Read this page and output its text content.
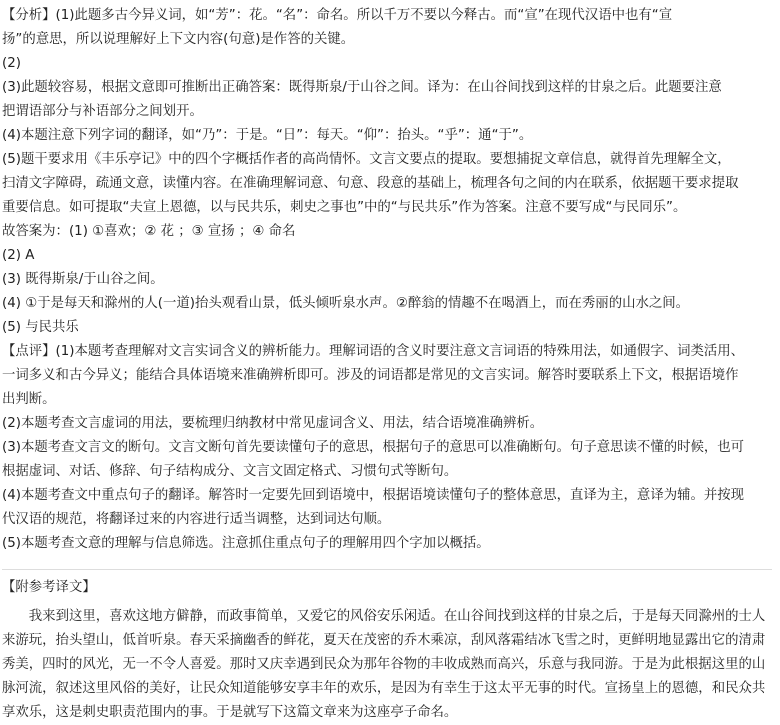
【分析】(1)此题多古今异义词，如“芳”：花。“名”：命名。所以千万不要以今释古。而“宣”在现代汉语中也有“宣

扬”的意思，所以说理解好上下文内容(句意)是作答的关键。

(2)

(3)此题较容易，根据文意即可推断出正确答案：既得斯泉/于山谷之间。译为：在山谷间找到这样的甘泉之后。此题要注意

把谓语部分与补语部分之间划开。

(4)本题注意下列字词的翻译，如“乃”：于是。“日”：每天。“仰”：抬头。“乎”：通“于”。

(5)题干要求用《丰乐亭记》中的四个字概括作者的高尚情怀。文言文要点的提取。要想捕捉文章信息，就得首先理解全文，

扫清文字障碍，疏通文意，读懂内容。在准确理解词意、句意、段意的基础上，梳理各句之间的内在联系，依据题干要求提取

重要信息。如可提取“夫宣上恩德，以与民共乐，刺史之事也”中的“与民共乐”作为答案。注意不要写成“与民同乐”。

故答案为：(1) ①喜欢；② 花 ；③ 宣扬 ；④ 命名

(2) A

(3) 既得斯泉/于山谷之间。

(4) ①于是每天和滁州的人(一道)抬头观看山景，低头倾听泉水声。②醉翁的情趣不在喝酒上，而在秀丽的山水之间。

(5) 与民共乐

【点评】(1)本题考查理解对文言实词含义的辨析能力。理解词语的含义时要注意文言词语的特殊用法，如通假字、词类活用、

一词多义和古今异义；能结合具体语境来准确辨析即可。涉及的词语都是常见的文言实词。解答时要联系上下文，根据语境作

出判断。

(2)本题考查文言虚词的用法，要梳理归纳教材中常见虚词含义、用法，结合语境准确辨析。

(3)本题考查文言文的断句。文言文断句首先要读懂句子的意思，根据句子的意思可以准确断句。句子意思读不懂的时候，也可

根据虚词、对话、修辞、句子结构成分、文言文固定格式、习惯句式等断句。

(4)本题考查文中重点句子的翻译。解答时一定要先回到语境中，根据语境读懂句子的整体意思，直译为主，意译为辅。并按现

代汉语的规范，将翻译过来的内容进行适当调整，达到词达句顺。

(5)本题考查文意的理解与信息筛选。注意抓住重点句子的理解用四个字加以概括。

【附参考译文】

我来到这里，喜欢这地方僻静，而政事简单，又爱它的风俗安乐闲适。在山谷间找到这样的甘泉之后，于是每天同滁州的士人来游玩，抬头望山，低首听泉。春天采摘幽香的鲜花，夏天在茂密的乔木乘凉，刮风落霜结冰飞雪之时，更鲜明地显露出它的清肃秀美，四时的风光，无一不令人喜爱。那时又庆幸遇到民众为那年谷物的丰收成熟而高兴，乐意与我同游。于是为此根据这里的山脉河流，叙述这里风俗的美好，让民众知道能够安享丰年的欢乐，是因为有幸生于这太平无事的时代。宣扬皇上的恩德，和民众共享欢乐，这是刺史职责范围内的事。于是就写下这篇文章来为这座亭子命名。
